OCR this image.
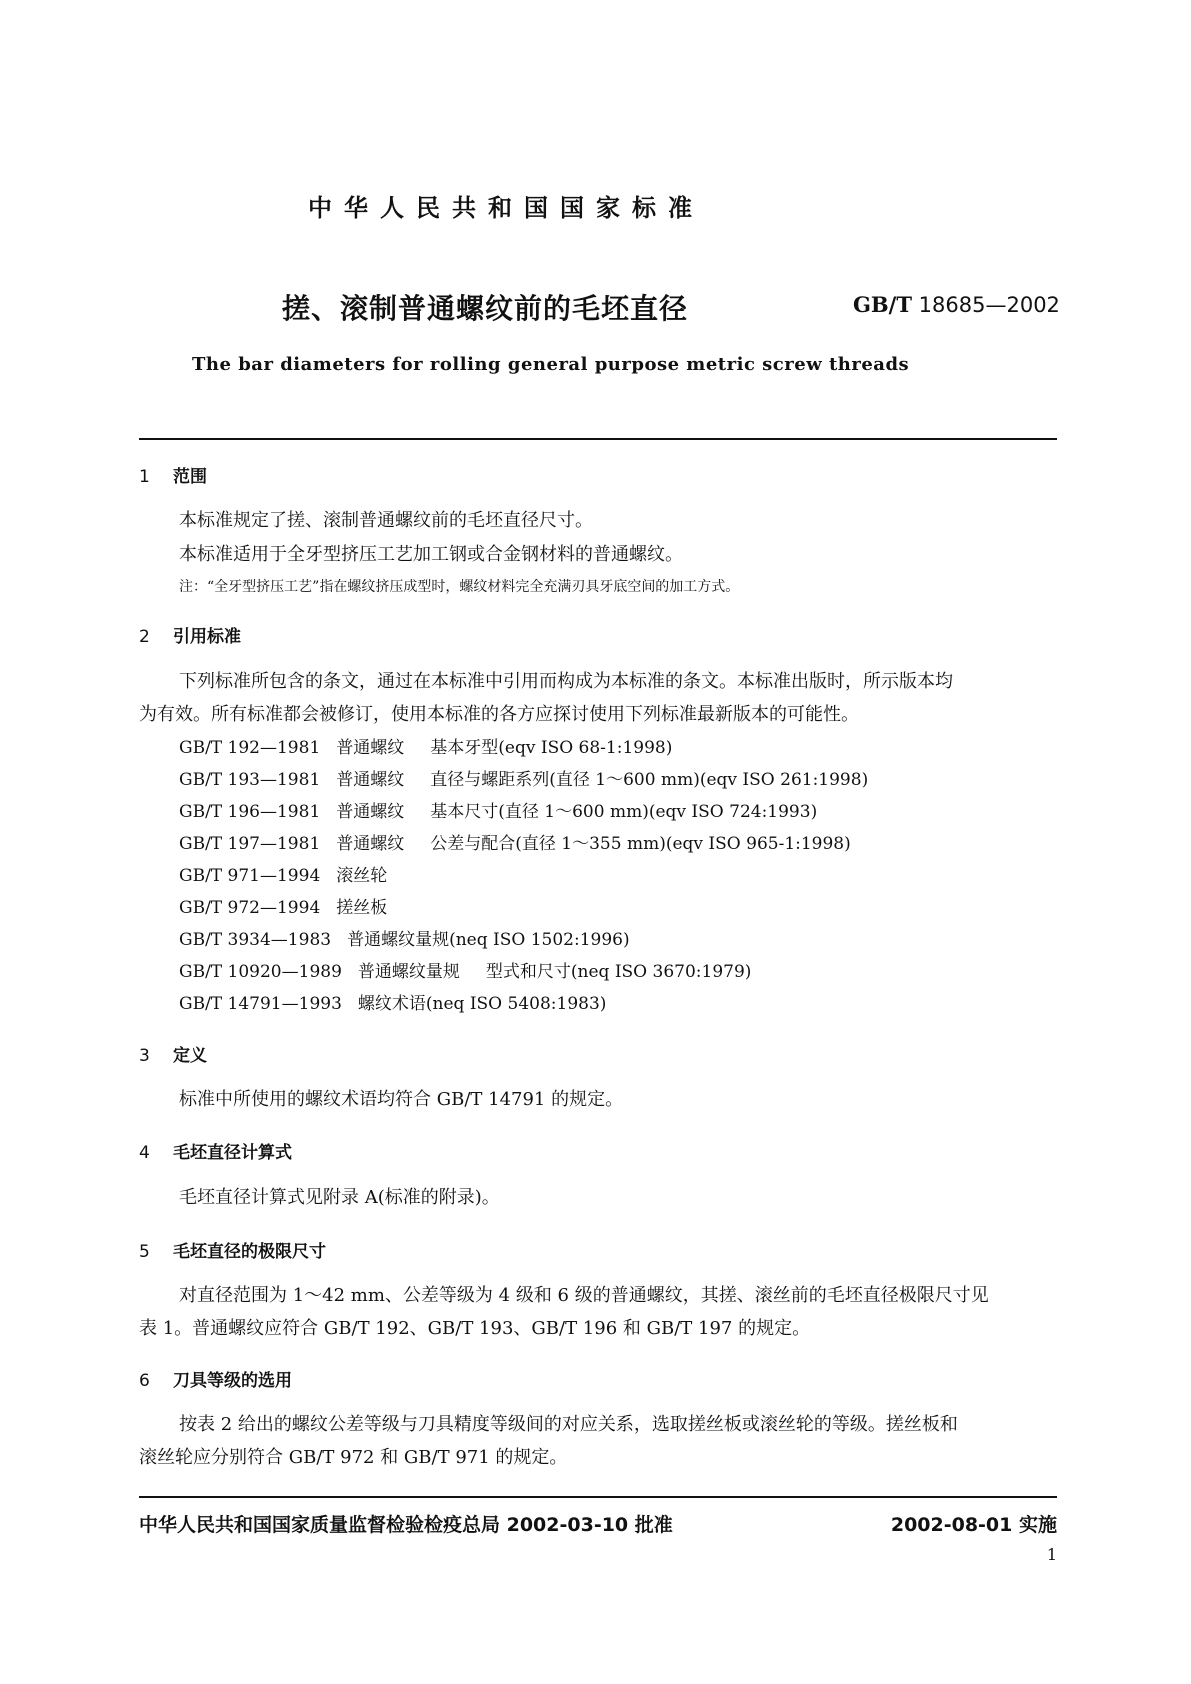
中华人民共和国国家标准
搓、滚制普通螺纹前的毛坯直径	GB/T 18685—2002
The bar diameters for rolling general purpose metric screw threads
1 范围
本标准规定了搓、滚制普通螺纹前的毛坯直径尺寸。
本标准适用于全牙型挤压工艺加工钢或合金钢材料的普通螺纹。
注：“全牙型挤压工艺”指在螺纹挤压成型时，螺纹材料完全充满刃具牙底空间的加工方式。
2 引用标准
下列标准所包含的条文，通过在本标准中引用而构成为本标准的条文。本标准出版时，所示版本均
为有效。所有标准都会被修订，使用本标准的各方应探讨使用下列标准最新版本的可能性。
GB/T 192—1981 普通螺纹 基本牙型(eqv ISO 68-1:1998)
GB/T 193—1981 普通螺纹 直径与螺距系列(直径 1～600 mm)(eqv ISO 261:1998)
GB/T 196—1981 普通螺纹 基本尺寸(直径 1～600 mm)(eqv ISO 724:1993)
GB/T 197—1981 普通螺纹 公差与配合(直径 1～355 mm)(eqv ISO 965-1:1998)
GB/T 971—1994 滚丝轮
GB/T 972—1994 搓丝板
GB/T 3934—1983 普通螺纹量规(neq ISO 1502:1996)
GB/T 10920—1989 普通螺纹量规 型式和尺寸(neq ISO 3670:1979)
GB/T 14791—1993 螺纹术语(neq ISO 5408:1983)
3 定义
标准中所使用的螺纹术语均符合 GB/T 14791 的规定。
4 毛坯直径计算式
毛坯直径计算式见附录 A(标准的附录)。
5 毛坯直径的极限尺寸
对直径范围为 1～42 mm、公差等级为 4 级和 6 级的普通螺纹，其搓、滚丝前的毛坯直径极限尺寸见
表 1。普通螺纹应符合 GB/T 192、GB/T 193、GB/T 196 和 GB/T 197 的规定。
6 刀具等级的选用
按表 2 给出的螺纹公差等级与刀具精度等级间的对应关系，选取搓丝板或滚丝轮的等级。搓丝板和
滚丝轮应分别符合 GB/T 972 和 GB/T 971 的规定。
中华人民共和国国家质量监督检验检疫总局 2002-03-10 批准	2002-08-01 实施
1
